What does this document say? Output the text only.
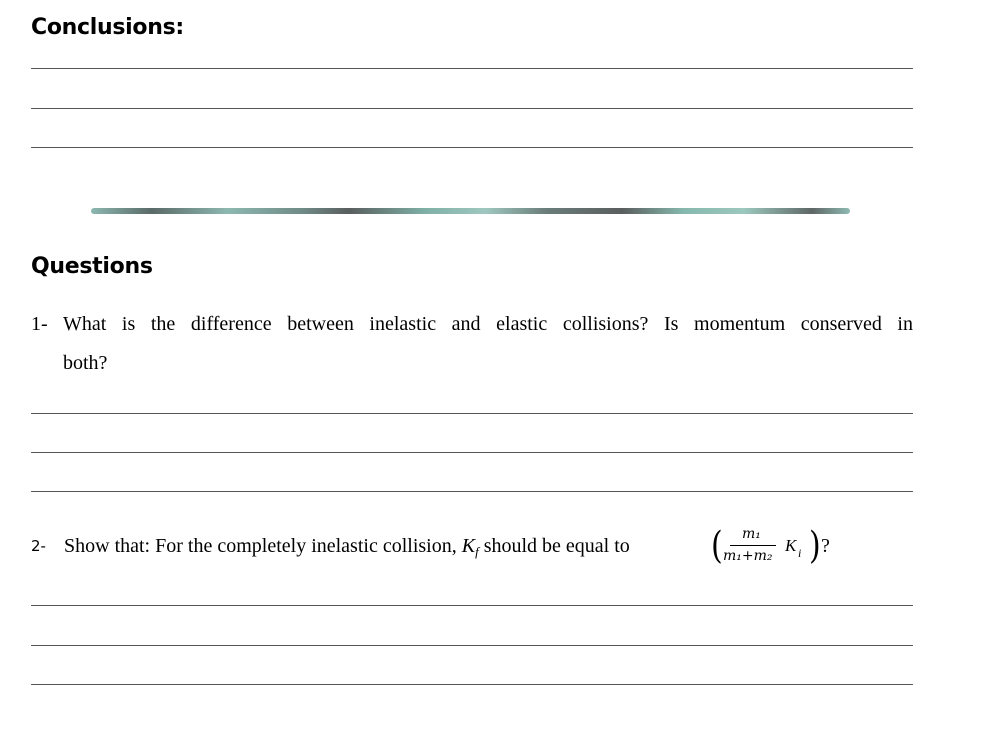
Conclusions:
Questions
1- What is the difference between inelastic and elastic collisions? Is momentum conserved in
both?
2- Show that: For the completely inelastic collision, $K_f$ should be equal to	( m₁
m₁+m₂
K i ) ?
